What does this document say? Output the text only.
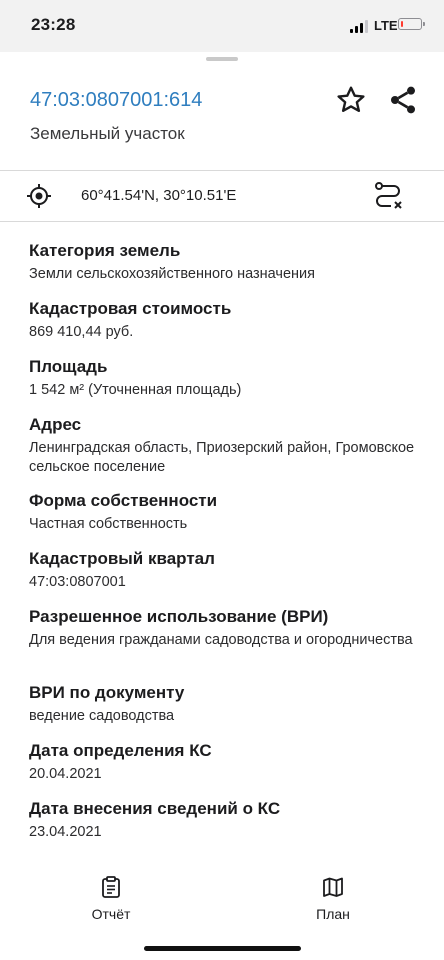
23:28	LTE
47:03:0807001:614
Земельный участок
60°41.54'N, 30°10.51'E
Категория земель
Земли сельскохозяйственного назначения
Кадастровая стоимость
869 410,44 руб.
Площадь
1 542 м² (Уточненная площадь)
Адрес
Ленинградская область, Приозерский район, Громовское сельское поселение
Форма собственности
Частная собственность
Кадастровый квартал
47:03:0807001
Разрешенное использование (ВРИ)
Для ведения гражданами садоводства и огородничества
ВРИ по документу
ведение садоводства
Дата определения КС
20.04.2021
Дата внесения сведений о КС
23.04.2021
Отчёт	План
